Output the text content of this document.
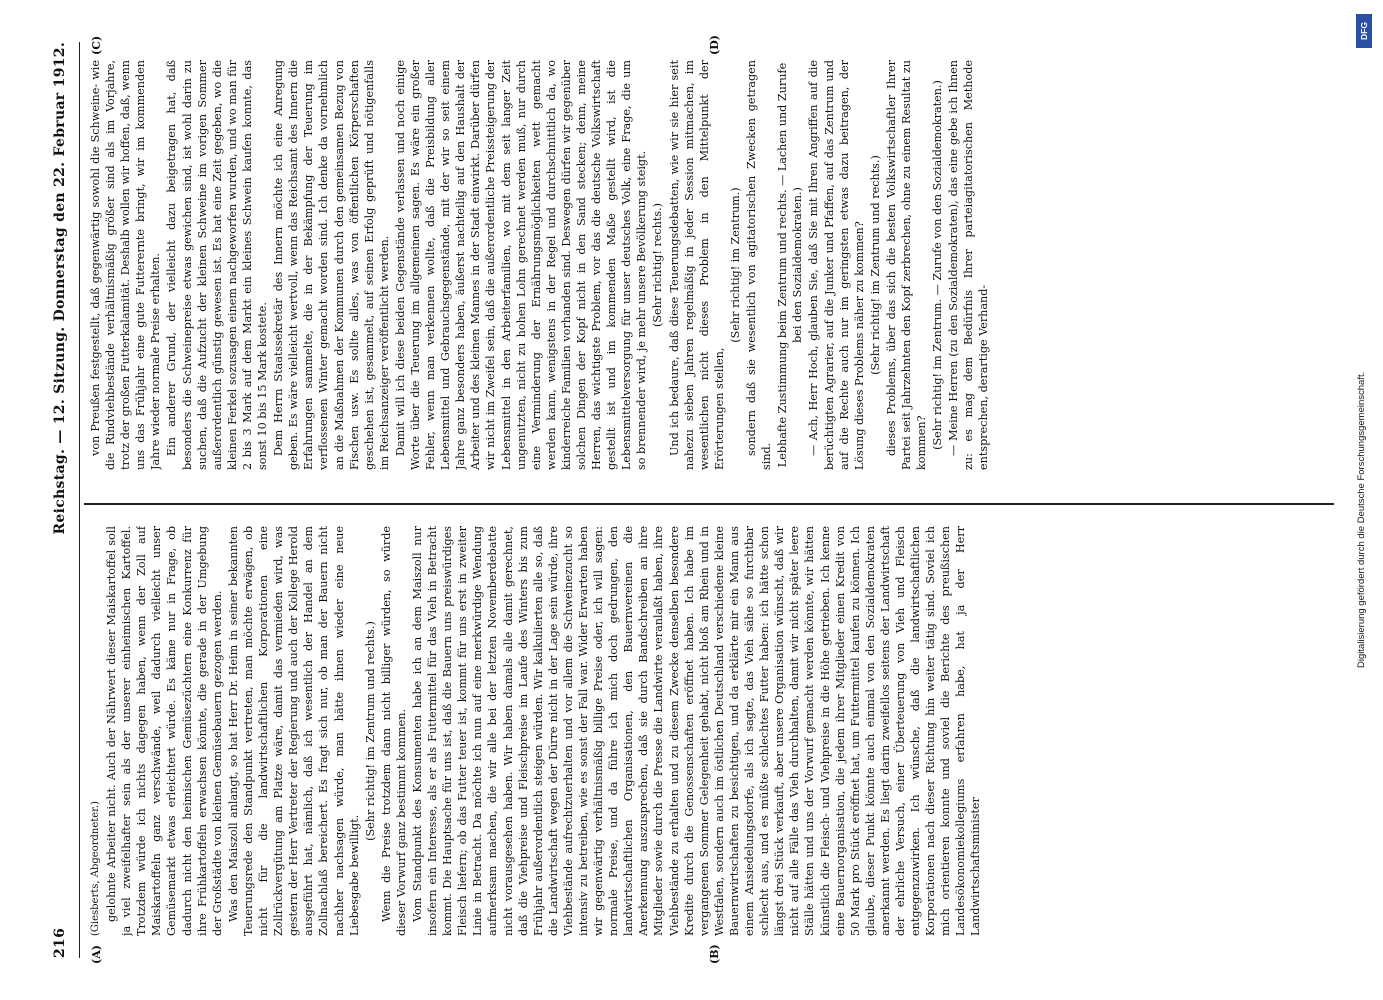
216
Reichstag. — 12. Sitzung. Donnerstag den 22. Februar 1912.
(A)	(B)
(C)	(D)

(Giesberts, Abgeordneter.) gelohnte Arbeiter nicht. Auch der Nährwert dieser Maiskartoffel soll ja viel zweifelhafter sein als der unserer einheimischen Kartoffel. Trotzdem würde ich nichts dagegen haben, wenn der Zoll auf Maiskartoffeln ganz verschwände, weil dadurch vielleicht unser Gemüsemarkt etwas erleichtert würde. Es käme nur in Frage, ob dadurch nicht den heimischen Gemüsezüchtern eine Konkurrenz für ihre Frühkartoffeln erwachsen könnte, die gerade in der Umgebung der Großstädte von kleinen Gemüsebauern gezogen werden. Was den Maiszoll anlangt, so hat Herr Dr. Heim in seiner bekannten Teuerungsrede den Standpunkt vertreten, man möchte erwägen, ob nicht für die landwirtschaftlichen Korporationen eine Zollrückvergütung am Platze wäre, damit das vermieden wird, was gestern der Herr Vertreter der Regierung und auch der Kollege Herold ausgeführt hat, nämlich, daß ich wesentlich der Handel an dem Zollnachlaß bereichert. Es fragt sich nur, ob man der Bauern nicht nachher nachsagen würde, man hätte ihnen wieder eine neue Liebesgabe bewilligt.

(Sehr richtig! im Zentrum und rechts.) Wenn die Preise trotzdem dann nicht billiger würden, so würde dieser Vorwurf ganz bestimmt kommen. Vom Standpunkt des Konsumenten habe ich an dem Maiszoll nur insofern ein Interesse, als er als Futtermittel für das Vieh in Betracht kommt. Die Hauptsache für uns ist, daß die Bauern uns preiswürdiges Fleisch liefern; ob das Futter teuer ist, kommt für uns erst in zweiter Linie in Betracht. Da möchte ich nun auf eine merkwürdige Wendung aufmerksam machen, die wir alle bei der letzten Novemberdebatte nicht vorausgesehen haben. Wir haben damals alle damit gerechnet, daß die Viehpreise und Fleischpreise im Laufe des Winters bis zum Frühjahr außerordentlich steigen würden. Wir kalkulierten alle so, daß die Landwirtschaft wegen der Dürre nicht in der Lage sein würde, ihre Viehbestände aufrechtzuerhalten und vor allem die Schweinezucht so intensiv zu betreiben, wie es sonst der Fall war. Wider Erwarten haben wir gegenwärtig verhältnismäßig billige Preise oder, ich will sagen: normale Preise, und da führe ich mich doch gedrungen, den landwirtschaftlichen Organisationen, den Bauernvereinen die Anerkennung auszusprechen, daß sie durch Bandschreiben an ihre Mitglieder sowie durch die Presse die Landwirte veranlaßt haben, ihre Viehbestände zu erhalten und zu diesem Zwecke denselben besondere Kredite durch die Genossenschaften eröffnet haben. Ich habe im vergangenen Sommer Gelegenheit gehabt, nicht bloß am Rhein und in Westfalen, sondern auch im östlichen Deutschland verschiedene kleine Bauernwirtschaften zu besichtigen, und da erklärte mir ein Mann aus einem Ansiedelungsdorfe, als ich sagte, das Vieh sähe so furchtbar schlecht aus, und es müßte schlechtes Futter haben: ich hätte schon längst drei Stück verkauft, aber unsere Organisation wünscht, daß wir nicht auf alle Fälle das Vieh durchhalten, damit wir nicht später leere Ställe hätten und uns der Vorwurf gemacht werden könnte, wir hätten künstlich die Fleisch- und Viehpreise in die Höhe getrieben. Ich kenne eine Bauernorganisation, die jedem ihrer Mitglieder einen Kredit von 50 Mark pro Stück eröffnet hat, um Futtermittel kaufen zu können. Ich glaube, dieser Punkt könnte auch einmal von den Sozialdemokraten anerkannt werden. Es liegt darin zweifellos seitens der Landwirtschaft der ehrliche Versuch, einer Überteuerung von Vieh und Fleisch entgegenzuwirken. Ich wünsche, daß die landwirtschaftlichen Korporationen nach dieser Richtung hin weiter tätig sind. Soviel ich mich orientieren konnte und soviel die Berichte des preußischen Landesökonomiekollegiums erfahren habe, hat ja der Herr Landwirtschaftsminister

von Preußen festgestellt, daß gegenwärtig sowohl die Schweine- wie die Rindviehbestände verhältnismäßig größer sind als im Vorjahre, trotz der großen Futterkalamität. Deshalb wollen wir hoffen, daß, wenn uns das Frühjahr eine gute Futterernte bringt, wir im kommenden Jahre wieder normale Preise erhalten. Ein anderer Grund, der vielleicht dazu beigetragen hat, daß besonders die Schweinepreise etwas gewichen sind, ist wohl darin zu suchen, daß die Aufzucht der kleinen Schweine im vorigen Sommer außerordentlich günstig gewesen ist. Es hat eine Zeit gegeben, wo die kleinen Ferkel sozusagen einem nachgeworfen wurden, und wo man für 2 bis 3 Mark auf dem Markt ein kleines Schwein kaufen konnte, das sonst 10 bis 15 Mark kostete. Dem Herrn Staatssekretär des Innern möchte ich eine Anregung geben. Es wäre vielleicht wertvoll, wenn das Reichsamt des Innern die Erfahrungen sammelte, die in der Bekämpfung der Teuerung im verflossenen Winter gemacht worden sind. Ich denke da vornehmlich an die Maßnahmen der Kommunen durch den gemeinsamen Bezug von Fischen usw. Es sollte alles, was von öffentlichen Körperschaften geschehen ist, gesammelt, auf seinen Erfolg geprüft und nötigenfalls im Reichsanzeiger veröffentlicht werden. Damit will ich diese beiden Gegenstände verlassen und noch einige Worte über die Teuerung im allgemeinen sagen. Es wäre ein großer Fehler, wenn man verkennen wollte, daß die Preisbildung aller Lebensmittel und Gebrauchsgegenstände, mit der wir so seit einem Jahre ganz besonders haben, äußerst nachteilig auf den Haushalt der Arbeiter und des kleinen Mannes in der Stadt einwirkt. Darüber dürfen wir nicht im Zweifel sein, daß die außerordentliche Preissteigerung der Lebensmittel in den Arbeiterfamilien, wo mit dem seit langer Zeit ungenutzten, nicht zu hohen Lohn gerechnet werden muß, nur durch eine Verminderung der Ernährungsmöglichkeiten wett gemacht werden kann, wenigstens in der Regel und durchschnittlich da, wo kinderreiche Familien vorhanden sind. Deswegen dürfen wir gegenüber solchen Dingen der Kopf nicht in den Sand stecken; denn, meine Herren, das wichtigste Problem, vor das die deutsche Volkswirtschaft gestellt ist und im kommenden Maße gestellt wird, ist die Lebensmittelversorgung für unser deutsches Volk, eine Frage, die um so brennender wird, je mehr unsere Bevölkerung steigt. (Sehr richtig! rechts.) Und ich bedaure, daß diese Teuerungsdebatten, wie wir sie hier seit nahezu sieben Jahren regelmäßig in jeder Session mitmachen, im wesentlichen nicht dieses Problem in den Mittelpunkt der Erörterungen stellen,

(Sehr richtig! im Zentrum.) sondern daß sie wesentlich von agitatorischen Zwecken getragen sind. Lebhafte Zustimmung beim Zentrum und rechts. — Lachen und Zurufe bei den Sozialdemokraten.) — Ach, Herr Hoch, glauben Sie, daß Sie mit Ihren Angriffen auf die berüchtigten Agrarier, auf die Junker und Pfaffen, auf das Zentrum und auf die Rechte auch nur im geringsten etwas dazu beitragen, der Lösung dieses Problems näher zu kommen? (Sehr richtig! im Zentrum und rechts.) dieses Problems, über das sich die besten Volkswirtschaftler Ihrer Partei seit Jahrzehnten den Kopf zerbrechen, ohne zu einem Resultat zu kommen? (Sehr richtig! im Zentrum. — Zurufe von den Sozialdemokraten.) — Meine Herren (zu den Sozialdemokraten), das eine gebe ich Ihnen zu: es mag dem Bedürfnis Ihrer parteiagitatorischen Methode entsprechen, derartige Verhand-

DFG
Digitalisierung gefördert durch die Deutsche Forschungsgemeinschaft.
